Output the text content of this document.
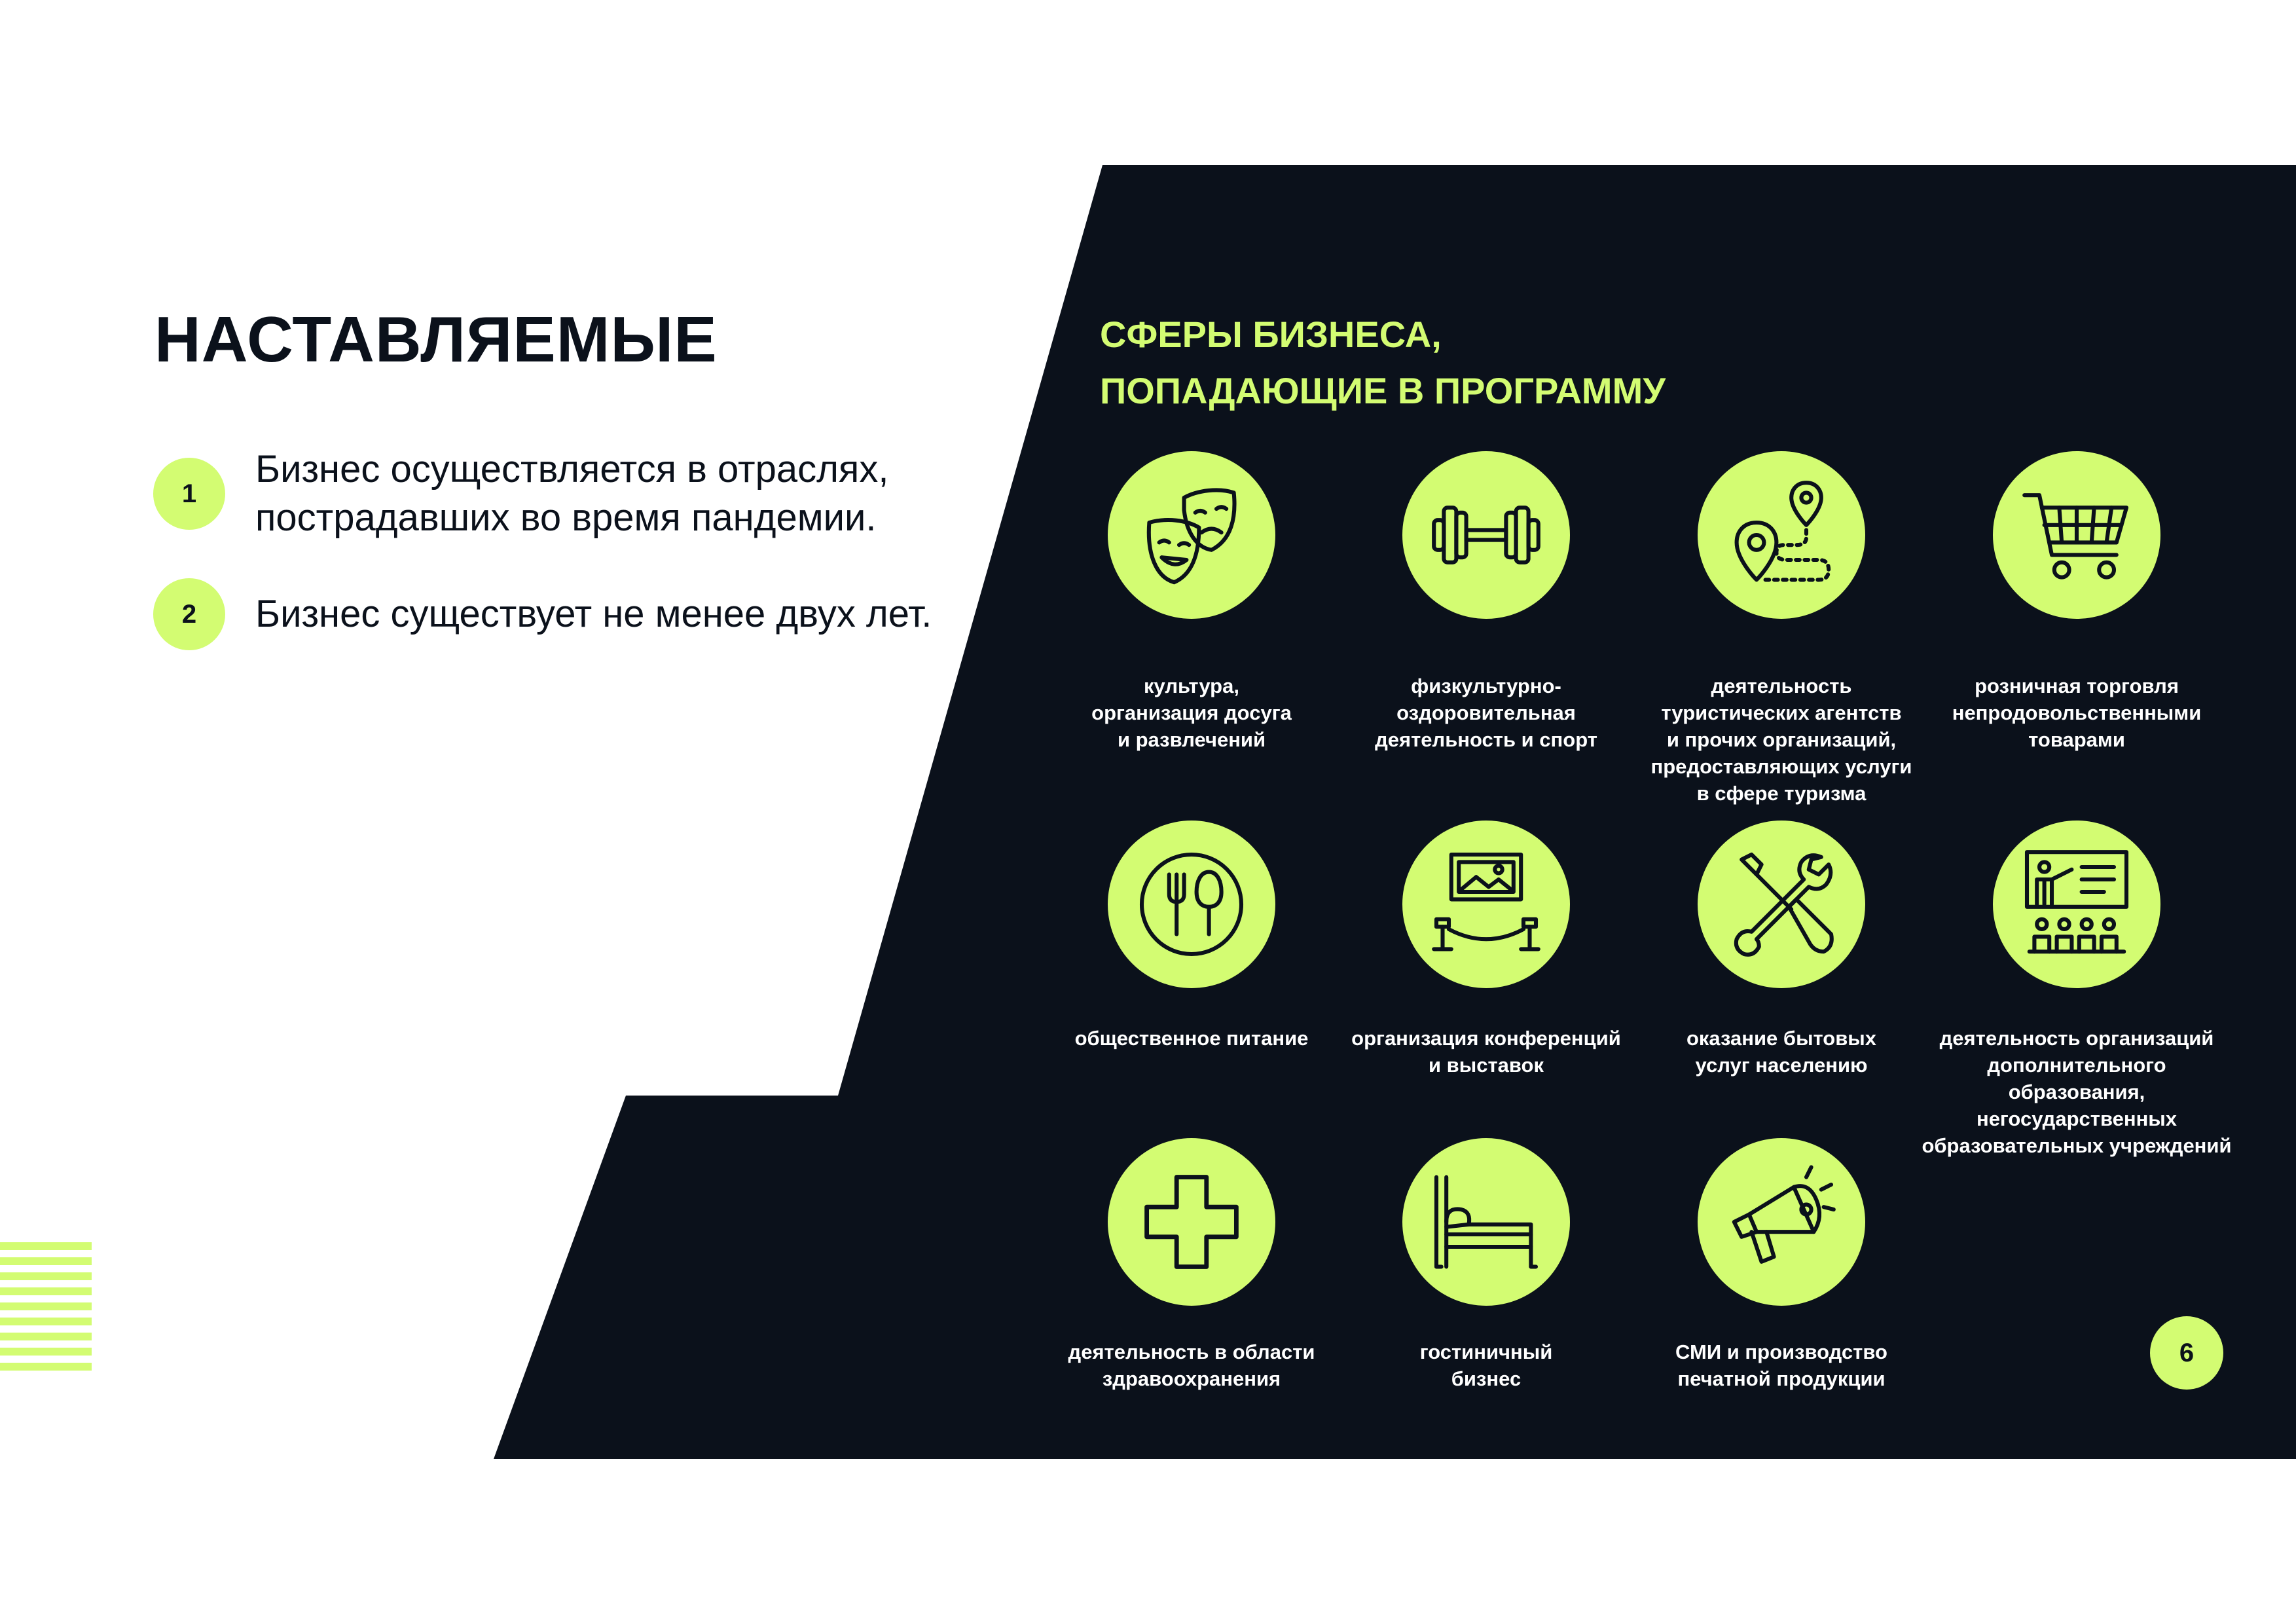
НАСТАВЛЯЕМЫЕ
1
Бизнес осуществляется в отраслях,
пострадавших во время пандемии.
2	Бизнес существует не менее двух лет.
СФЕРЫ БИЗНЕСА,
ПОПАДАЮЩИЕ В ПРОГРАММУ
культура,
организация досуга
и развлечений
физкультурно-
оздоровительная
деятельность и спорт
деятельность
туристических агентств
и прочих организаций,
предоставляющих услуги
в сфере туризма
розничная торговля
непродовольственными
товарами
общественное питание	организация конференций
и выставок
оказание бытовых
услуг населению
деятельность организаций
дополнительного образования,
негосударственных
образовательных учреждений
деятельность в области
здравоохранения
гостиничный
бизнес
СМИ и производство
печатной продукции
6
